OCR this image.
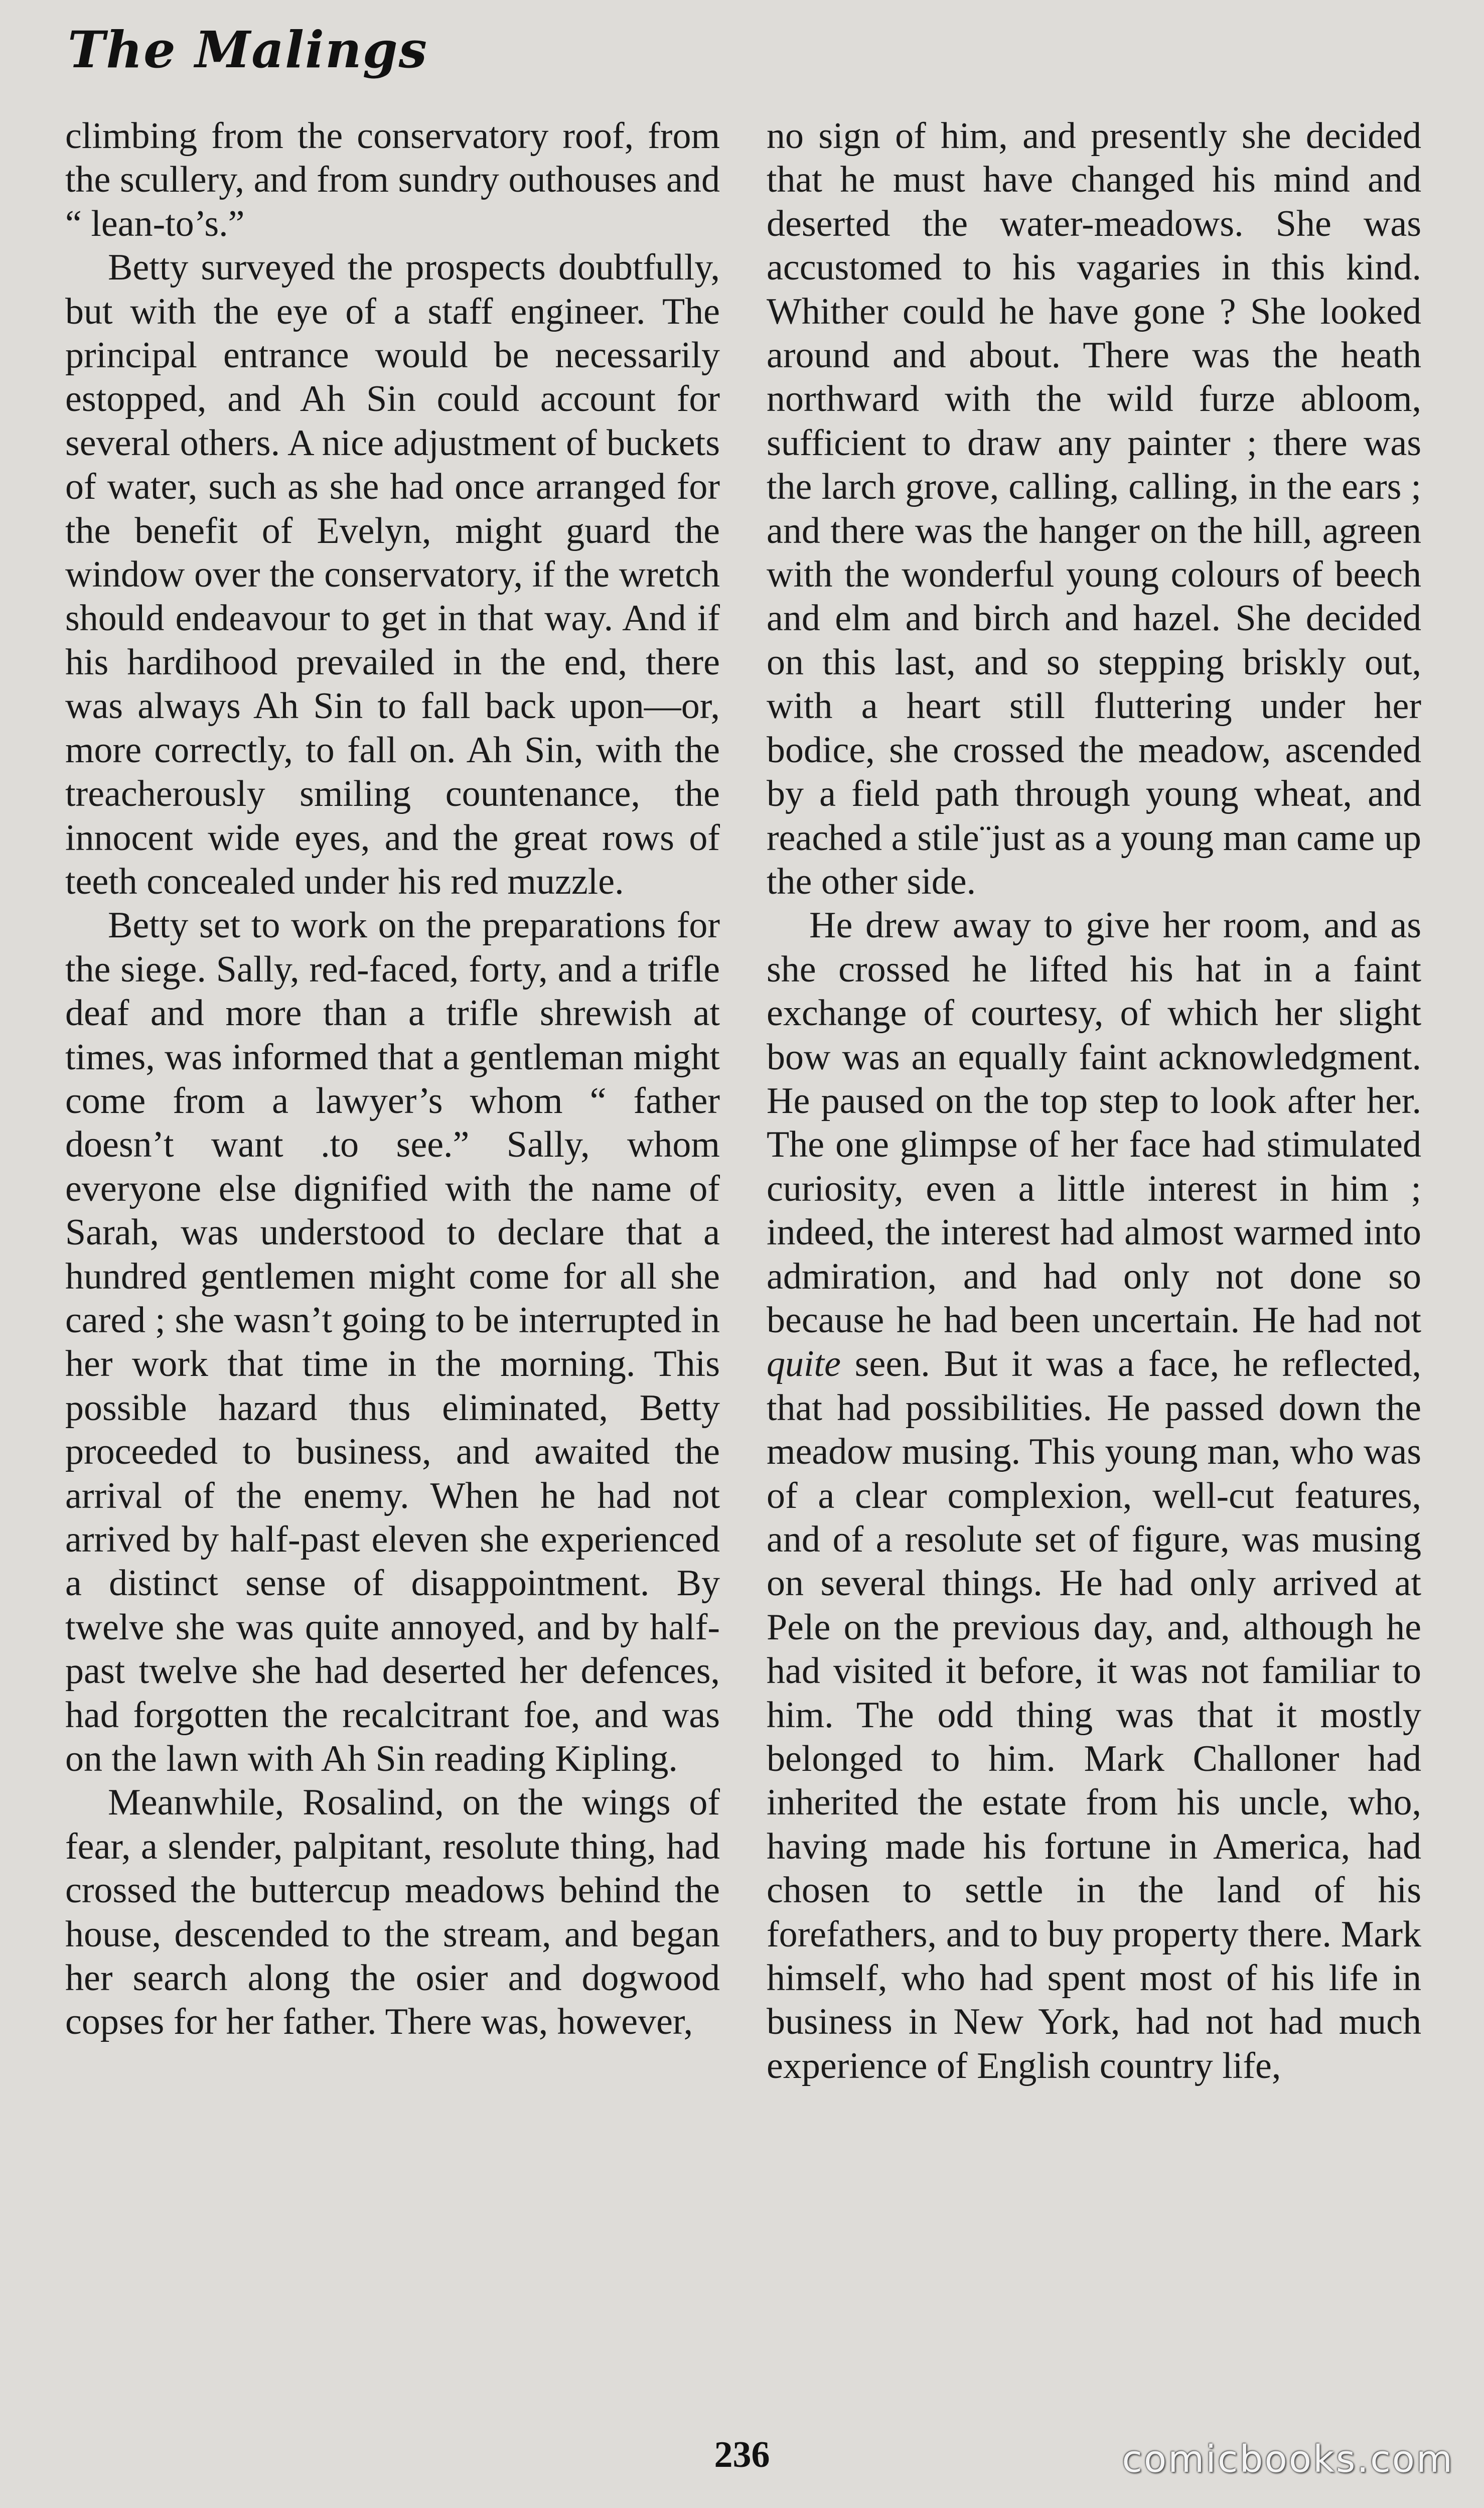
The Malings

climbing from the conservatory roof, from the scullery, and from sundry outhouses and “ lean-to’s.”

Betty surveyed the prospects doubtfully, but with the eye of a staff engineer. The principal entrance would be necessarily estopped, and Ah Sin could account for several others. A nice adjustment of buckets of water, such as she had once arranged for the benefit of Evelyn, might guard the window over the conservatory, if the wretch should endeavour to get in that way. And if his hardihood prevailed in the end, there was always Ah Sin to fall back upon—or, more correctly, to fall on. Ah Sin, with the treacherously smiling countenance, the innocent wide eyes, and the great rows of teeth concealed under his red muzzle.

Betty set to work on the preparations for the siege. Sally, red-faced, forty, and a trifle deaf and more than a trifle shrewish at times, was informed that a gentleman might come from a lawyer’s whom “ father doesn’t want .to see.” Sally, whom everyone else dignified with the name of Sarah, was understood to declare that a hundred gentlemen might come for all she cared ; she wasn’t going to be interrupted in her work that time in the morning. This possible hazard thus eliminated, Betty proceeded to business, and awaited the arrival of the enemy. When he had not arrived by half-past eleven she experienced a distinct sense of disappointment. By twelve she was quite annoyed, and by half-past twelve she had deserted her defences, had forgotten the recalcitrant foe, and was on the lawn with Ah Sin reading Kipling.

Meanwhile, Rosalind, on the wings of fear, a slender, palpitant, resolute thing, had crossed the buttercup meadows behind the house, descended to the stream, and began her search along the osier and dogwood copses for her father. There was, however,

no sign of him, and presently she decided that he must have changed his mind and deserted the water-meadows. She was accustomed to his vagaries in this kind. Whither could he have gone ? She looked around and about. There was the heath northward with the wild furze abloom, sufficient to draw any painter ; there was the larch grove, calling, calling, in the ears ; and there was the hanger on the hill, agreen with the wonderful young colours of beech and elm and birch and hazel. She decided on this last, and so stepping briskly out, with a heart still fluttering under her bodice, she crossed the meadow, ascended by a field path through young wheat, and reached a stile¨just as a young man came up the other side.

He drew away to give her room, and as she crossed he lifted his hat in a faint exchange of courtesy, of which her slight bow was an equally faint acknowledgment. He paused on the top step to look after her. The one glimpse of her face had stimulated curiosity, even a little interest in him ; indeed, the interest had almost warmed into admiration, and had only not done so because he had been uncertain. He had not quite seen. But it was a face, he reflected, that had possibilities. He passed down the meadow musing. This young man, who was of a clear complexion, well-cut features, and of a resolute set of figure, was musing on several things. He had only arrived at Pele on the previous day, and, although he had visited it before, it was not familiar to him. The odd thing was that it mostly belonged to him. Mark Challoner had inherited the estate from his uncle, who, having made his fortune in America, had chosen to settle in the land of his forefathers, and to buy property there. Mark himself, who had spent most of his life in business in New York, had not had much experience of English country life,

236	comicbooks.com
